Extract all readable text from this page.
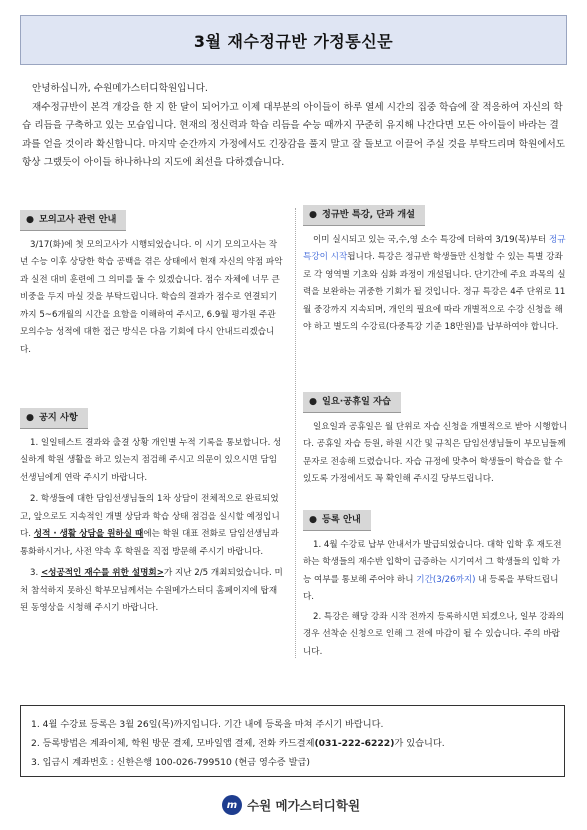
3월 재수정규반 가정통신문

안녕하십니까, 수원메가스터디학원입니다.

재수정규반이 본격 개강을 한 지 한 달이 되어가고 이제 대부분의 아이들이 하루 열세 시간의 집중 학습에 잘 적응하여 자신의 학습 리듬을 구축하고 있는 모습입니다. 현재의 정신력과 학습 리듬을 수능 때까지 꾸준히 유지해 나간다면 모든 아이들이 바라는 결과를 얻을 것이라 확신합니다. 마지막 순간까지 가정에서도 긴장감을 풀지 말고 잘 돌보고 이끌어 주실 것을 부탁드리며 학원에서도 항상 그랬듯이 아이들 하나하나의 지도에 최선을 다하겠습니다.

● 모의고사 관련 안내

3/17(화)에 첫 모의고사가 시행되었습니다. 이 시기 모의고사는 작년 수능 이후 상당한 학습 공백을 겪은 상태에서 현재 자신의 약점 파악과 실전 대비 훈련에 그 의미를 둘 수 있겠습니다. 점수 자체에 너무 큰 비중을 두지 마실 것을 부탁드립니다. 학습의 결과가 점수로 연결되기까지 5~6개월의 시간을 요함을 이해하여 주시고, 6.9월 평가원 주관 모의수능 성적에 대한 접근 방식은 다음 기회에 다시 안내드리겠습니다.

● 공지 사항

1. 일일테스트 결과와 출결 상황 개인별 누적 기록을 통보합니다. 성실하게 학원 생활을 하고 있는지 점검해 주시고 의문이 있으시면 담임선생님에게 연락 주시기 바랍니다.

2. 학생들에 대한 담임선생님들의 1차 상담이 전체적으로 완료되었고, 앞으로도 지속적인 개별 상담과 학습 상태 점검을 실시할 예정입니다. 성적 · 생활 상담을 원하실 때에는 학원 대표 전화로 담임선생님과 통화하시거나, 사전 약속 후 학원을 직접 방문해 주시기 바랍니다.

3. <성공적인 재수를 위한 설명회>가 지난 2/5 개최되었습니다. 미처 참석하지 못하신 학부모님께서는 수원메가스터디 홈페이지에 탑재된 동영상을 시청해 주시기 바랍니다.

● 정규반 특강, 단과 개설

이미 실시되고 있는 국,수,영 소수 특강에 더하여 3/19(목)부터 정규 특강이 시작됩니다. 특강은 정규반 학생들만 신청할 수 있는 특별 강좌로 각 영역별 기초와 심화 과정이 개설됩니다. 단기간에 주요 과목의 실력을 보완하는 귀중한 기회가 될 것입니다. 정규 특강은 4주 단위로 11월 중강까지 지속되며, 개인의 필요에 따라 개별적으로 수강 신청을 해야 하고 별도의 수강료(다중특강 기준 18만원)를 납부하여야 합니다.

● 일요·공휴일 자습

일요일과 공휴일은 월 단위로 자습 신청을 개별적으로 받아 시행합니다. 공휴일 자습 등원, 하원 시간 및 규칙은 담임선생님들이 부모님들께 문자로 전송해 드렸습니다. 자습 규정에 맞추어 학생들이 학습을 할 수 있도록 가정에서도 꼭 확인해 주시길 당부드립니다.

● 등록 안내

1. 4월 수강료 납부 안내서가 발급되었습니다. 대학 입학 후 재도전하는 학생들의 재수반 입학이 급증하는 시기여서 그 학생들의 입학 가능 여부를 통보해 주어야 하니 기간(3/26까지) 내 등록을 부탁드립니다.

2. 특강은 해당 강좌 시작 전까지 등록하시면 되겠으나, 일부 강좌의 경우 선착순 신청으로 인해 그 전에 마감이 될 수 있습니다. 주의 바랍니다.

1. 4월 수강료 등록은 3월 26일(목)까지입니다. 기간 내에 등록을 마쳐 주시기 바랍니다.

2. 등록방법은 계좌이체, 학원 방문 결제, 모바일앱 결제, 전화 카드결제(031-222-6222)가 있습니다.

3. 입금시 계좌번호 : 신한은행 100-026-799510 (현금 영수증 발급)

m 수원 메가스터디학원
